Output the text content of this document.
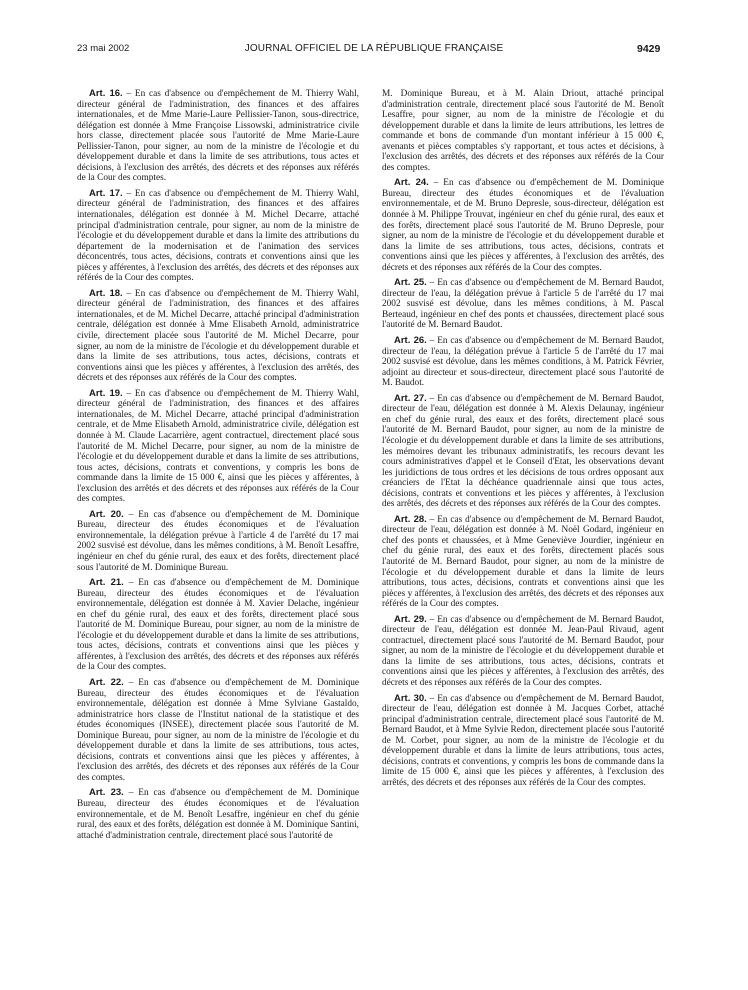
23 mai 2002	JOURNAL OFFICIEL DE LA RÉPUBLIQUE FRANÇAISE	9429

Art. 16. – En cas d'absence ou d'empêchement de M. Thierry Wahl, directeur général de l'administration, des finances et des affaires internationales, et de Mme Marie-Laure Pellissier-Tanon, sous-directrice, délégation est donnée à Mme Françoise Lissowski, administratrice civile hors classe, directement placée sous l'autorité de Mme Marie-Laure Pellissier-Tanon, pour signer, au nom de la ministre de l'écologie et du développement durable et dans la limite de ses attributions, tous actes et décisions, à l'exclusion des arrêtés, des décrets et des réponses aux référés de la Cour des comptes.

Art. 17. – En cas d'absence ou d'empêchement de M. Thierry Wahl, directeur général de l'administration, des finances et des affaires internationales, délégation est donnée à M. Michel Decarre, attaché principal d'administration centrale, pour signer, au nom de la ministre de l'écologie et du développement durable et dans la limite des attributions du département de la modernisation et de l'animation des services déconcentrés, tous actes, décisions, contrats et conventions ainsi que les pièces y afférentes, à l'exclusion des arrêtés, des décrets et des réponses aux référés de la Cour des comptes.

Art. 18. – En cas d'absence ou d'empêchement de M. Thierry Wahl, directeur général de l'administration, des finances et des affaires internationales, et de M. Michel Decarre, attaché principal d'administration centrale, délégation est donnée à Mme Elisabeth Arnold, administratrice civile, directement placée sous l'autorité de M. Michel Decarre, pour signer, au nom de la ministre de l'écologie et du développement durable et dans la limite de ses attributions, tous actes, décisions, contrats et conventions ainsi que les pièces y afférentes, à l'exclusion des arrêtés, des décrets et des réponses aux référés de la Cour des comptes.

Art. 19. – En cas d'absence ou d'empêchement de M. Thierry Wahl, directeur général de l'administration, des finances et des affaires internationales, de M. Michel Decarre, attaché principal d'administration centrale, et de Mme Elisabeth Arnold, administratrice civile, délégation est donnée à M. Claude Lacarrière, agent contractuel, directement placé sous l'autorité de M. Michel Decarre, pour signer, au nom de la ministre de l'écologie et du développement durable et dans la limite de ses attributions, tous actes, décisions, contrats et conventions, y compris les bons de commande dans la limite de 15 000 €, ainsi que les pièces y afférentes, à l'exclusion des arrêtés et des décrets et des réponses aux référés de la Cour des comptes.

Art. 20. – En cas d'absence ou d'empêchement de M. Dominique Bureau, directeur des études économiques et de l'évaluation environnementale, la délégation prévue à l'article 4 de l'arrêté du 17 mai 2002 susvisé est dévolue, dans les mêmes conditions, à M. Benoît Lesaffre, ingénieur en chef du génie rural, des eaux et des forêts, directement placé sous l'autorité de M. Dominique Bureau.

Art. 21. – En cas d'absence ou d'empêchement de M. Dominique Bureau, directeur des études économiques et de l'évaluation environnementale, délégation est donnée à M. Xavier Delache, ingénieur en chef du génie rural, des eaux et des forêts, directement placé sous l'autorité de M. Dominique Bureau, pour signer, au nom de la ministre de l'écologie et du développement durable et dans la limite de ses attributions, tous actes, décisions, contrats et conventions ainsi que les pièces y afférentes, à l'exclusion des arrêtés, des décrets et des réponses aux référés de la Cour des comptes.

Art. 22. – En cas d'absence ou d'empêchement de M. Dominique Bureau, directeur des études économiques et de l'évaluation environnementale, délégation est donnée à Mme Sylviane Gastaldo, administratrice hors classe de l'Institut national de la statistique et des études économiques (INSEE), directement placée sous l'autorité de M. Dominique Bureau, pour signer, au nom de la ministre de l'écologie et du développement durable et dans la limite de ses attributions, tous actes, décisions, contrats et conventions ainsi que les pièces y afférentes, à l'exclusion des arrêtés, des décrets et des réponses aux référés de la Cour des comptes.

Art. 23. – En cas d'absence ou d'empêchement de M. Dominique Bureau, directeur des études économiques et de l'évaluation environnementale, et de M. Benoît Lesaffre, ingénieur en chef du génie rural, des eaux et des forêts, délégation est donnée à M. Dominique Santini, attaché d'administration centrale, directement placé sous l'autorité de

M. Dominique Bureau, et à M. Alain Driout, attaché principal d'administration centrale, directement placé sous l'autorité de M. Benoît Lesaffre, pour signer, au nom de la ministre de l'écologie et du développement durable et dans la limite de leurs attributions, les lettres de commande et bons de commande d'un montant inférieur à 15 000 €, avenants et pièces comptables s'y rapportant, et tous actes et décisions, à l'exclusion des arrêtés, des décrets et des réponses aux référés de la Cour des comptes.

Art. 24. – En cas d'absence ou d'empêchement de M. Dominique Bureau, directeur des études économiques et de l'évaluation environnementale, et de M. Bruno Depresle, sous-directeur, délégation est donnée à M. Philippe Trouvat, ingénieur en chef du génie rural, des eaux et des forêts, directement placé sous l'autorité de M. Bruno Depresle, pour signer, au nom de la ministre de l'écologie et du développement durable et dans la limite de ses attributions, tous actes, décisions, contrats et conventions ainsi que les pièces y afférentes, à l'exclusion des arrêtés, des décrets et des réponses aux référés de la Cour des comptes.

Art. 25. – En cas d'absence ou d'empêchement de M. Bernard Baudot, directeur de l'eau, la délégation prévue à l'article 5 de l'arrêté du 17 mai 2002 susvisé est dévolue, dans les mêmes conditions, à M. Pascal Berteaud, ingénieur en chef des ponts et chaussées, directement placé sous l'autorité de M. Bernard Baudot.

Art. 26. – En cas d'absence ou d'empêchement de M. Bernard Baudot, directeur de l'eau, la délégation prévue à l'article 5 de l'arrêté du 17 mai 2002 susvisé est dévolue, dans les mêmes conditions, à M. Patrick Février, adjoint au directeur et sous-directeur, directement placé sous l'autorité de M. Baudot.

Art. 27. – En cas d'absence ou d'empêchement de M. Bernard Baudot, directeur de l'eau, délégation est donnée à M. Alexis Delaunay, ingénieur en chef du génie rural, des eaux et des forêts, directement placé sous l'autorité de M. Bernard Baudot, pour signer, au nom de la ministre de l'écologie et du développement durable et dans la limite de ses attributions, les mémoires devant les tribunaux administratifs, les recours devant les cours administratives d'appel et le Conseil d'Etat, les observations devant les juridictions de tous ordres et les décisions de tous ordres opposant aux créanciers de l'Etat la déchéance quadriennale ainsi que tous actes, décisions, contrats et conventions et les pièces y afférentes, à l'exclusion des arrêtés, des décrets et des réponses aux référés de la Cour des comptes.

Art. 28. – En cas d'absence ou d'empêchement de M. Bernard Baudot, directeur de l'eau, délégation est donnée à M. Noël Godard, ingénieur en chef des ponts et chaussées, et à Mme Geneviève Jourdier, ingénieur en chef du génie rural, des eaux et des forêts, directement placés sous l'autorité de M. Bernard Baudot, pour signer, au nom de la ministre de l'écologie et du développement durable et dans la limite de leurs attributions, tous actes, décisions, contrats et conventions ainsi que les pièces y afférentes, à l'exclusion des arrêtés, des décrets et des réponses aux référés de la Cour des comptes.

Art. 29. – En cas d'absence ou d'empêchement de M. Bernard Baudot, directeur de l'eau, délégation est donnée M. Jean-Paul Rivaud, agent contractuel, directement placé sous l'autorité de M. Bernard Baudot, pour signer, au nom de la ministre de l'écologie et du développement durable et dans la limite de ses attributions, tous actes, décisions, contrats et conventions ainsi que les pièces y afférentes, à l'exclusion des arrêtés, des décrets et des réponses aux référés de la Cour des comptes.

Art. 30. – En cas d'absence ou d'empêchement de M. Bernard Baudot, directeur de l'eau, délégation est donnée à M. Jacques Corbet, attaché principal d'administration centrale, directement placé sous l'autorité de M. Bernard Baudot, et à Mme Sylvie Redon, directement placée sous l'autorité de M. Corbet, pour signer, au nom de la ministre de l'écologie et du développement durable et dans la limite de leurs attributions, tous actes, décisions, contrats et conventions, y compris les bons de commande dans la limite de 15 000 €, ainsi que les pièces y afférentes, à l'exclusion des arrêtés, des décrets et des réponses aux référés de la Cour des comptes.
